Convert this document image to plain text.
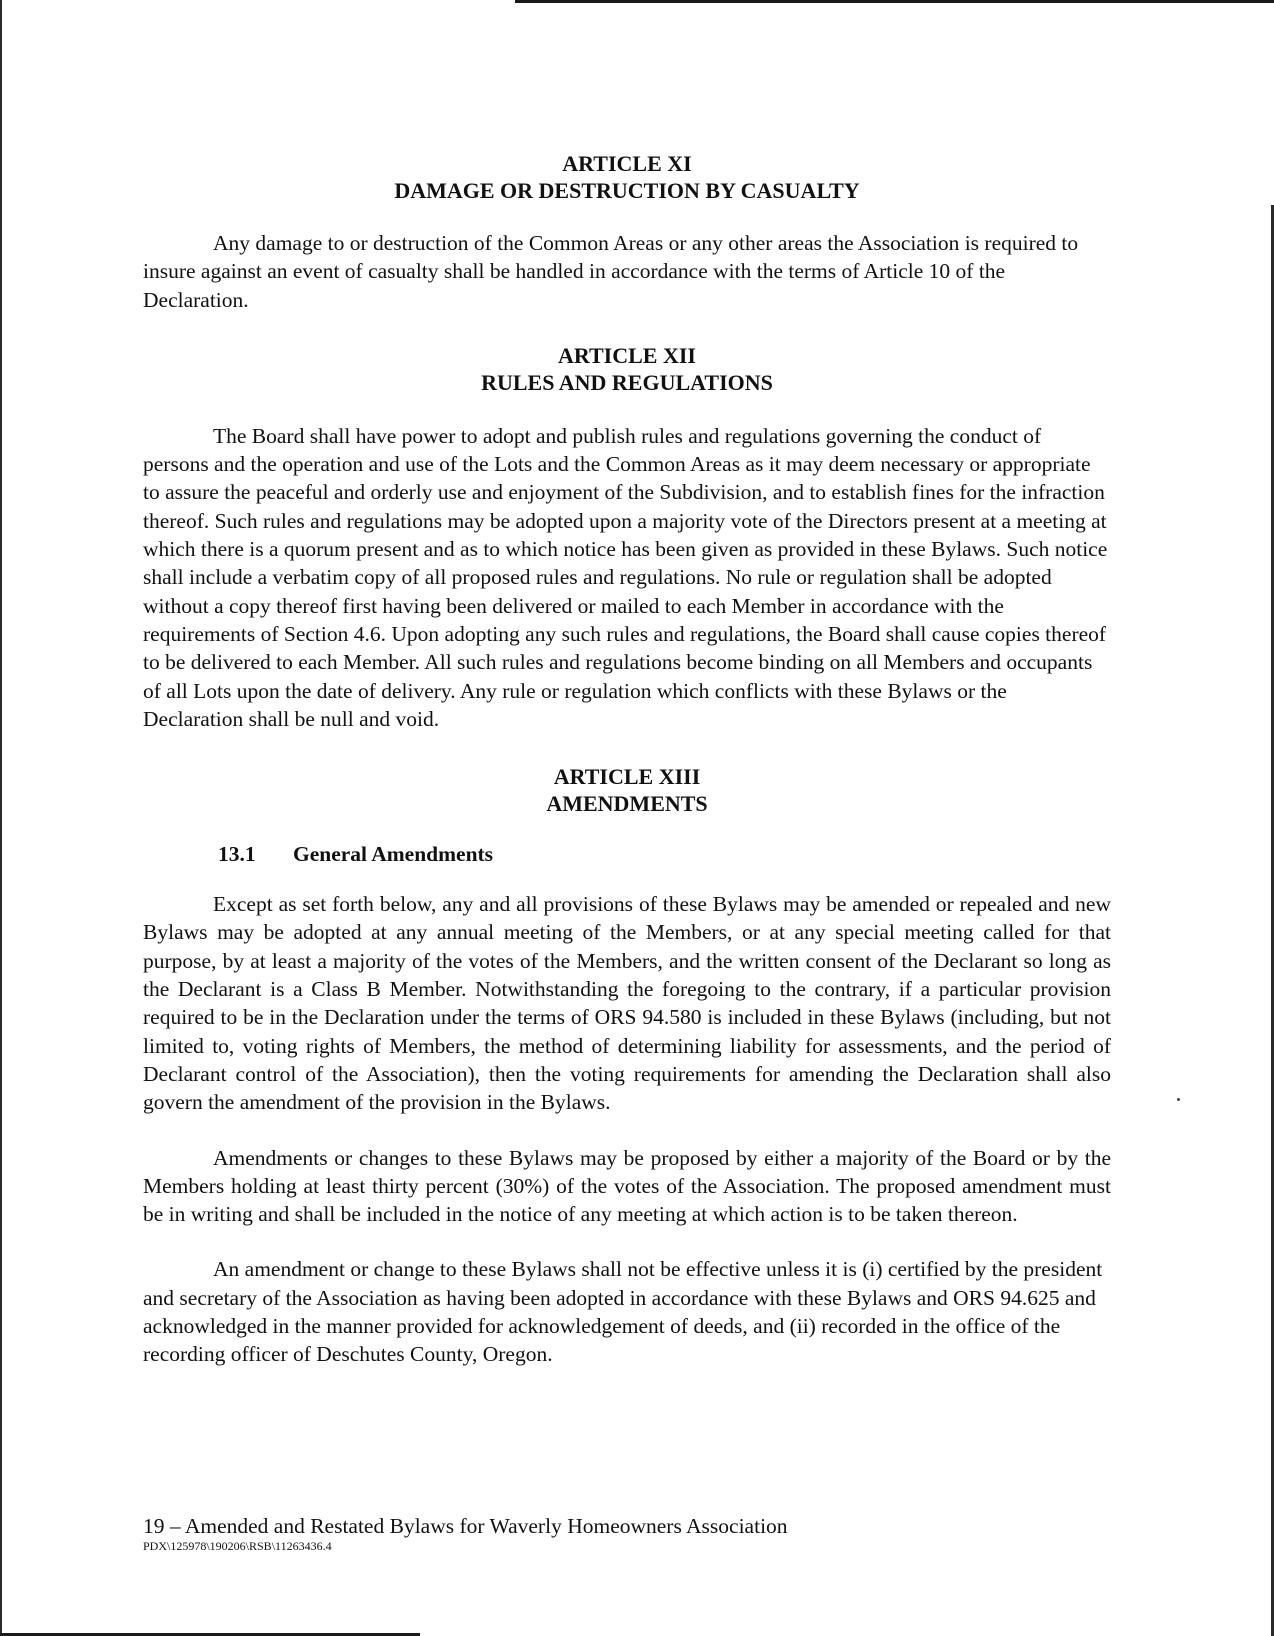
ARTICLE XI
DAMAGE OR DESTRUCTION BY CASUALTY

Any damage to or destruction of the Common Areas or any other areas the Association is required to insure against an event of casualty shall be handled in accordance with the terms of Article 10 of the Declaration.

ARTICLE XII
RULES AND REGULATIONS

The Board shall have power to adopt and publish rules and regulations governing the conduct of persons and the operation and use of the Lots and the Common Areas as it may deem necessary or appropriate to assure the peaceful and orderly use and enjoyment of the Subdivision, and to establish fines for the infraction thereof. Such rules and regulations may be adopted upon a majority vote of the Directors present at a meeting at which there is a quorum present and as to which notice has been given as provided in these Bylaws. Such notice shall include a verbatim copy of all proposed rules and regulations. No rule or regulation shall be adopted without a copy thereof first having been delivered or mailed to each Member in accordance with the requirements of Section 4.6. Upon adopting any such rules and regulations, the Board shall cause copies thereof to be delivered to each Member. All such rules and regulations become binding on all Members and occupants of all Lots upon the date of delivery. Any rule or regulation which conflicts with these Bylaws or the Declaration shall be null and void.

ARTICLE XIII
AMENDMENTS
13.1 General Amendments

Except as set forth below, any and all provisions of these Bylaws may be amended or repealed and new Bylaws may be adopted at any annual meeting of the Members, or at any special meeting called for that purpose, by at least a majority of the votes of the Members, and the written consent of the Declarant so long as the Declarant is a Class B Member. Notwithstanding the foregoing to the contrary, if a particular provision required to be in the Declaration under the terms of ORS 94.580 is included in these Bylaws (including, but not limited to, voting rights of Members, the method of determining liability for assessments, and the period of Declarant control of the Association), then the voting requirements for amending the Declaration shall also govern the amendment of the provision in the Bylaws.

Amendments or changes to these Bylaws may be proposed by either a majority of the Board or by the Members holding at least thirty percent (30%) of the votes of the Association. The proposed amendment must be in writing and shall be included in the notice of any meeting at which action is to be taken thereon.

An amendment or change to these Bylaws shall not be effective unless it is (i) certified by the president and secretary of the Association as having been adopted in accordance with these Bylaws and ORS 94.625 and acknowledged in the manner provided for acknowledgement of deeds, and (ii) recorded in the office of the recording officer of Deschutes County, Oregon.

19 – Amended and Restated Bylaws for Waverly Homeowners Association

PDX\125978\190206\RSB\11263436.4
